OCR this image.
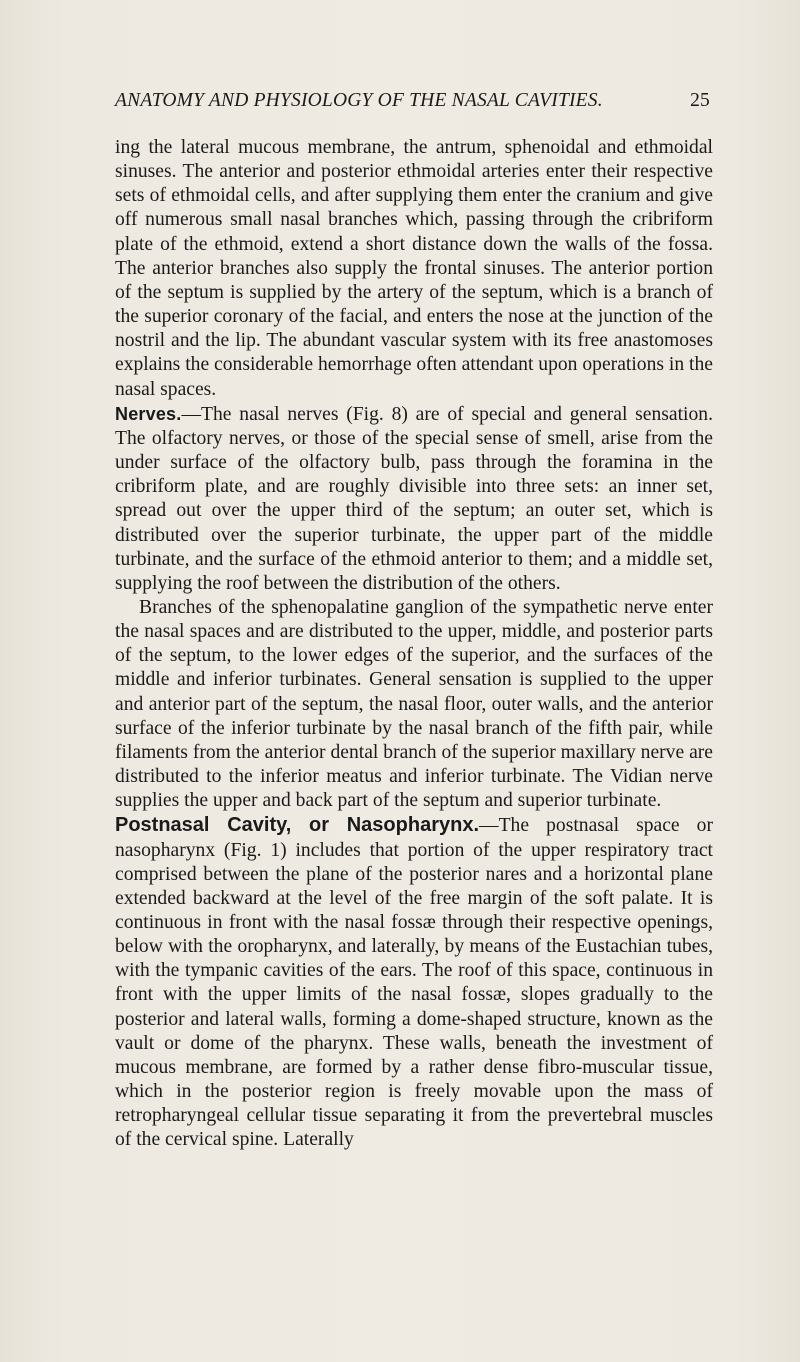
ANATOMY AND PHYSIOLOGY OF THE NASAL CAVITIES.	25

ing the lateral mucous membrane, the antrum, sphenoidal and ethmoidal sinuses. The anterior and posterior ethmoidal arteries enter their respective sets of ethmoidal cells, and after supplying them enter the cranium and give off numerous small nasal branches which, passing through the cribriform plate of the ethmoid, extend a short distance down the walls of the fossa. The anterior branches also supply the frontal sinuses. The anterior portion of the septum is supplied by the artery of the septum, which is a branch of the superior coronary of the facial, and enters the nose at the junction of the nostril and the lip. The abundant vascular system with its free anastomoses explains the considerable hemorrhage often attendant upon operations in the nasal spaces.

Nerves.—The nasal nerves (Fig. 8) are of special and general sensation. The olfactory nerves, or those of the special sense of smell, arise from the under surface of the olfactory bulb, pass through the foramina in the cribriform plate, and are roughly divisible into three sets: an inner set, spread out over the upper third of the septum; an outer set, which is distributed over the superior turbinate, the upper part of the middle turbinate, and the surface of the ethmoid anterior to them; and a middle set, supplying the roof between the distribution of the others.

Branches of the sphenopalatine ganglion of the sympathetic nerve enter the nasal spaces and are distributed to the upper, middle, and posterior parts of the septum, to the lower edges of the superior, and the surfaces of the middle and inferior turbinates. General sensation is supplied to the upper and anterior part of the septum, the nasal floor, outer walls, and the anterior surface of the inferior turbinate by the nasal branch of the fifth pair, while filaments from the anterior dental branch of the superior maxillary nerve are distributed to the inferior meatus and inferior turbinate. The Vidian nerve supplies the upper and back part of the septum and superior turbinate.

Postnasal Cavity, or Nasopharynx.—The postnasal space or nasopharynx (Fig. 1) includes that portion of the upper respiratory tract comprised between the plane of the posterior nares and a horizontal plane extended backward at the level of the free margin of the soft palate. It is continuous in front with the nasal fossæ through their respective openings, below with the oropharynx, and laterally, by means of the Eustachian tubes, with the tympanic cavities of the ears. The roof of this space, continuous in front with the upper limits of the nasal fossæ, slopes gradually to the posterior and lateral walls, forming a dome-shaped structure, known as the vault or dome of the pharynx. These walls, beneath the investment of mucous membrane, are formed by a rather dense fibro-muscular tissue, which in the posterior region is freely movable upon the mass of retropharyngeal cellular tissue separating it from the prevertebral muscles of the cervical spine. Laterally
